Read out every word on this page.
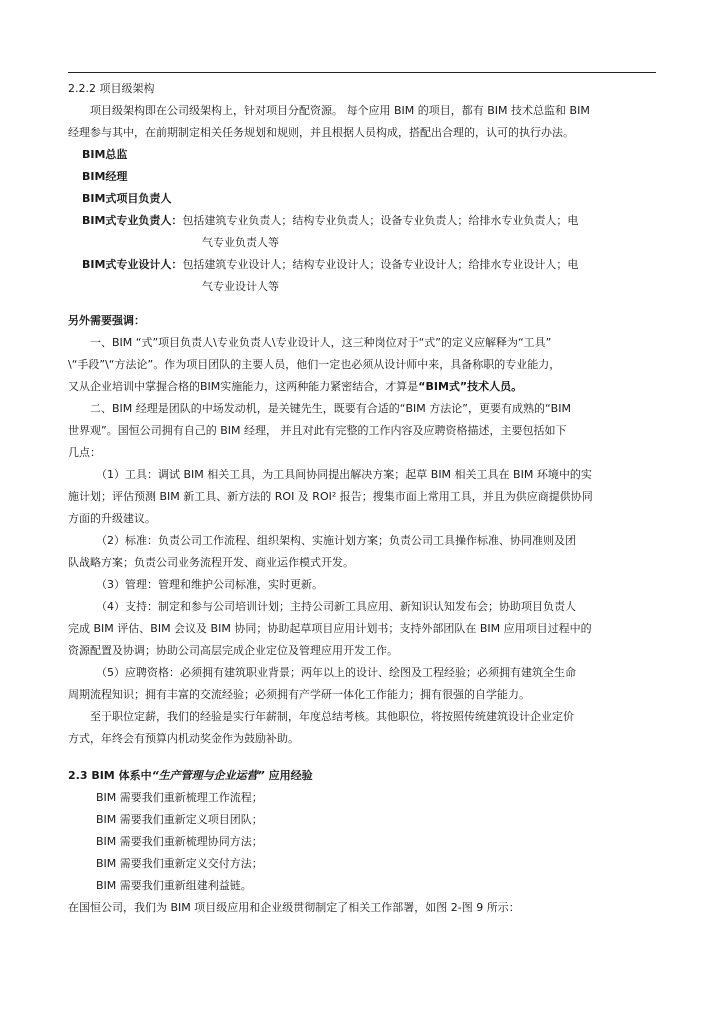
2.2.2 项目级架构
项目级架构即在公司级架构上，针对项目分配资源。 每个应用 BIM 的项目，都有 BIM 技术总监和 BIM
经理参与其中，在前期制定相关任务规划和规则，并且根据人员构成，搭配出合理的，认可的执行办法。
BIM总监
BIM经理
BIM式项目负责人
BIM式专业负责人：包括建筑专业负责人；结构专业负责人；设备专业负责人；给排水专业负责人；电
气专业负责人等
BIM式专业设计人：包括建筑专业设计人；结构专业设计人；设备专业设计人；给排水专业设计人；电
气专业设计人等
另外需要强调：
一、BIM “式”项目负责人\专业负责人\专业设计人，这三种岗位对于“式”的定义应解释为“工具”
\“手段”\“方法论”。作为项目团队的主要人员，他们一定也必须从设计师中来，具备称职的专业能力，
又从企业培训中掌握合格的BIM实施能力，这两种能力紧密结合，才算是“BIM式”技术人员。
二、BIM 经理是团队的中场发动机，是关键先生，既要有合适的“BIM 方法论”，更要有成熟的“BIM
世界观”。国恒公司拥有自己的 BIM 经理， 并且对此有完整的工作内容及应聘资格描述，主要包括如下
几点：
（1）工具：调试 BIM 相关工具，为工具间协同提出解决方案；起草 BIM 相关工具在 BIM 环境中的实
施计划；评估预测 BIM 新工具、新方法的 ROI 及 ROI² 报告；搜集市面上常用工具，并且为供应商提供协同
方面的升级建议。
（2）标准：负责公司工作流程、组织架构、实施计划方案；负责公司工具操作标准、协同准则及团
队战略方案；负责公司业务流程开发、商业运作模式开发。
（3）管理：管理和维护公司标准，实时更新。
（4）支持：制定和参与公司培训计划；主持公司新工具应用、新知识认知发布会；协助项目负责人
完成 BIM 评估、BIM 会议及 BIM 协同；协助起草项目应用计划书；支持外部团队在 BIM 应用项目过程中的
资源配置及协调；协助公司高层完成企业定位及管理应用开发工作。
（5）应聘资格：必须拥有建筑职业背景；两年以上的设计、绘图及工程经验；必须拥有建筑全生命
周期流程知识；拥有丰富的交流经验；必须拥有产学研一体化工作能力；拥有很强的自学能力。
至于职位定薪，我们的经验是实行年薪制，年度总结考核。其他职位，将按照传统建筑设计企业定价
方式，年终会有预算内机动奖金作为鼓励补助。
2.3 BIM 体系中“生产管理与企业运营” 应用经验
BIM 需要我们重新梳理工作流程；
BIM 需要我们重新定义项目团队；
BIM 需要我们重新梳理协同方法；
BIM 需要我们重新定义交付方法；
BIM 需要我们重新组建利益链。
在国恒公司，我们为 BIM 项目级应用和企业级贯彻制定了相关工作部署，如图 2-图 9 所示：
